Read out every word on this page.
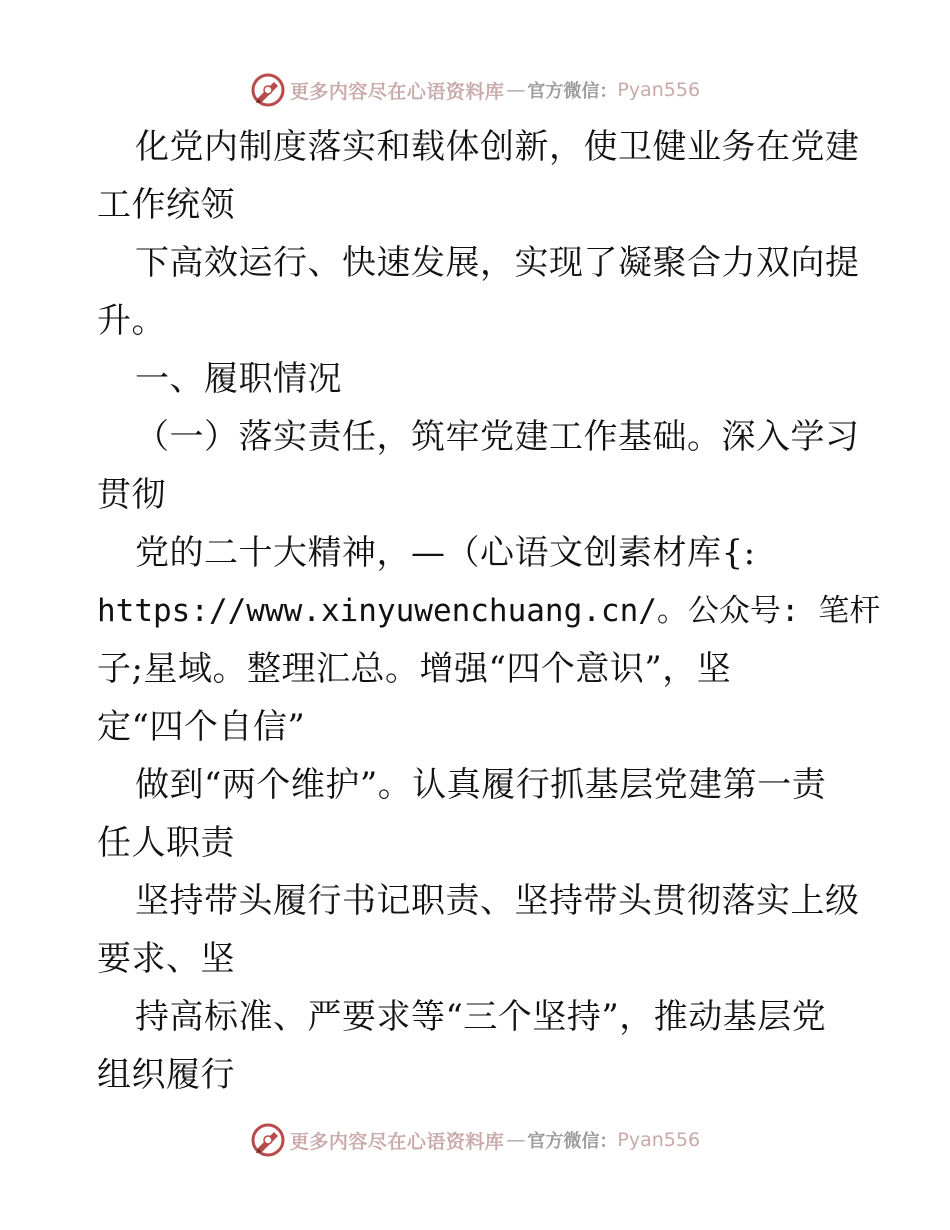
更多内容尽在心语资料库 — 官方微信： Pyan556
化党内制度落实和载体创新，使卫健业务在党建
工作统领
下高效运行、快速发展，实现了凝聚合力双向提
升。
一、履职情况
（一）落实责任，筑牢党建工作基础。深入学习
贯彻
党的二十大精神，—（心语文创素材库{:
https://www.xinyuwenchuang.cn/。公众号: 笔杆
子;星域。整理汇总。增强“四个意识”，坚
定“四个自信”
做到“两个维护”。认真履行抓基层党建第一责
任人职责
坚持带头履行书记职责、坚持带头贯彻落实上级
要求、坚
持高标准、严要求等“三个坚持”，推动基层党
组织履行
更多内容尽在心语资料库 — 官方微信： Pyan556
